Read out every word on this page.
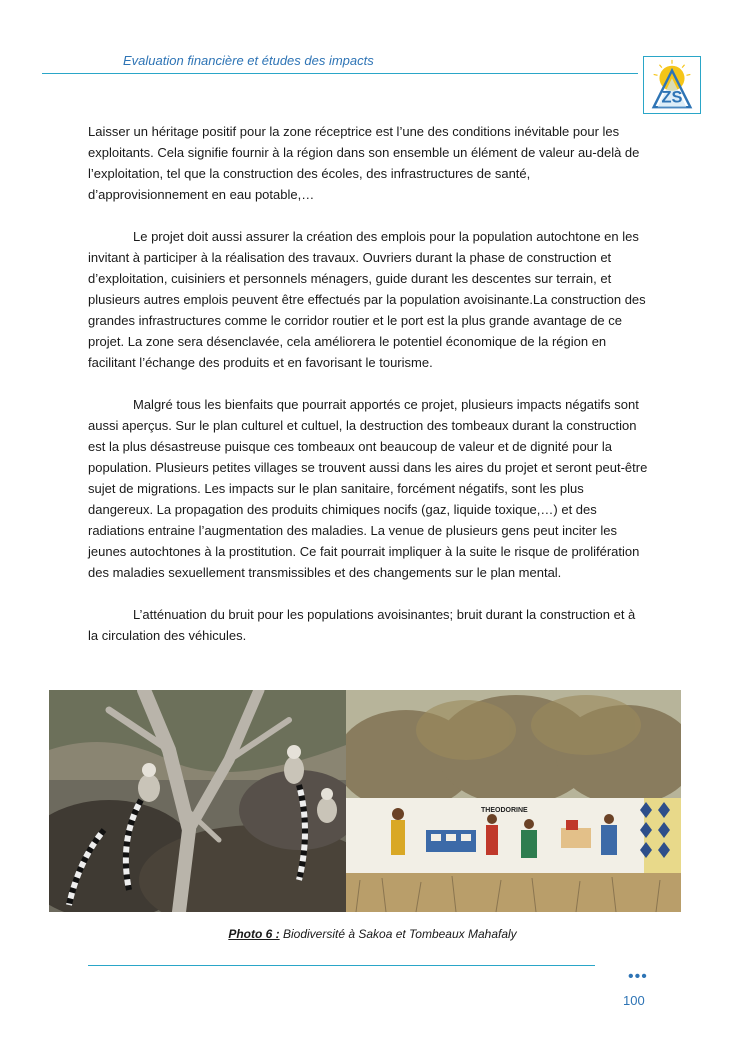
Evaluation financière et études des impacts
ZS

Laisser un héritage positif pour la zone réceptrice est l’une des conditions inévitable pour les exploitants. Cela signifie fournir à la région dans son ensemble un élément de valeur au-delà de l’exploitation, tel que la construction des écoles, des infrastructures de santé, d’approvisionnement en eau potable,…

Le projet doit aussi assurer la création des emplois pour la population autochtone en les invitant à participer à la réalisation des travaux. Ouvriers durant la phase de construction et d’exploitation, cuisiniers et personnels ménagers, guide durant les descentes sur terrain, et plusieurs autres emplois peuvent être effectués par la population avoisinante.La construction des grandes infrastructures comme le corridor routier et le port est la plus grande avantage de ce projet. La zone sera désenclavée, cela améliorera le potentiel économique de la région en facilitant l’échange des produits et en favorisant le tourisme.

Malgré tous les bienfaits que pourrait apportés ce projet, plusieurs impacts négatifs sont aussi aperçus. Sur le plan culturel et cultuel, la destruction des tombeaux durant la construction est la plus désastreuse puisque ces tombeaux ont beaucoup de valeur et de dignité pour la population. Plusieurs petites villages se trouvent aussi dans les aires du projet et seront peut-être sujet de migrations. Les impacts sur le plan sanitaire, forcément négatifs, sont les plus dangereux. La propagation des produits chimiques nocifs (gaz, liquide toxique,…) et des radiations entraine l’augmentation des maladies. La venue de plusieurs gens peut inciter les jeunes autochtones à la prostitution. Ce fait pourrait impliquer à la suite le risque de prolifération des maladies sexuellement transmissibles et des changements sur le plan mental.

L’atténuation du bruit pour les populations avoisinantes; bruit durant la construction et à la circulation des véhicules.

THEODORINE
Photo 6 : Biodiversité à Sakoa et Tombeaux Mahafaly
•••
100
